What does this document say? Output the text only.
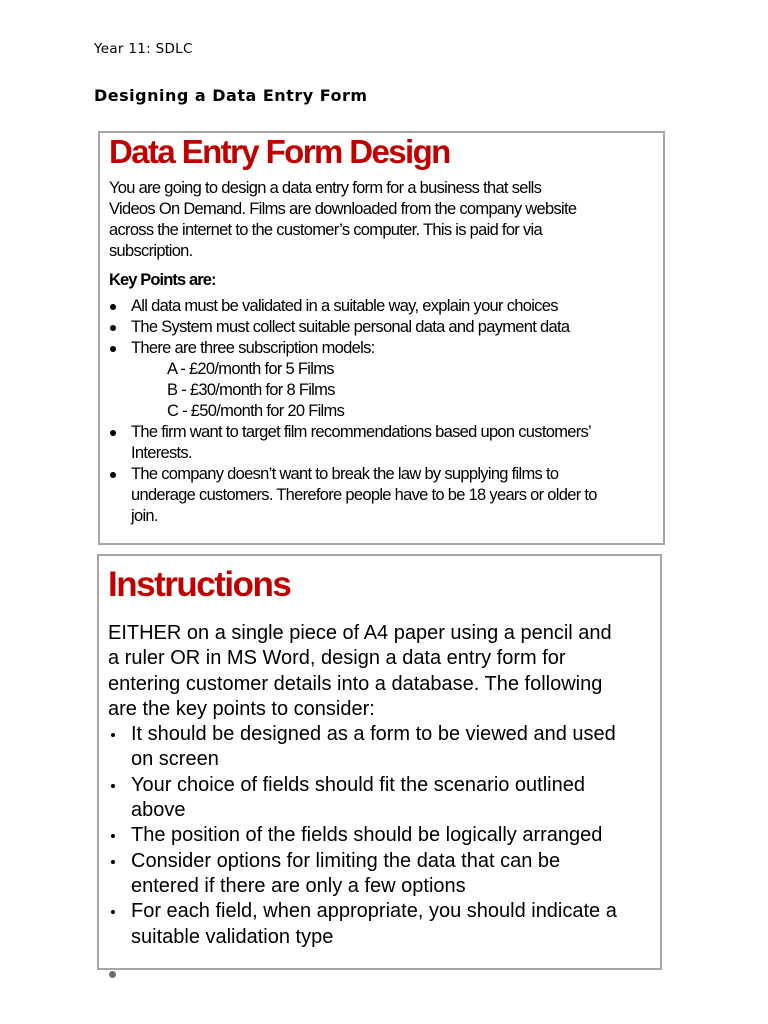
Year 11: SDLC
Designing a Data Entry Form
Data Entry Form Design

You are going to design a data entry form for a business that sells

Videos On Demand. Films are downloaded from the company website

across the internet to the customer’s computer. This is paid for via

subscription.

Key Points are:
All data must be validated in a suitable way, explain your choices
The System must collect suitable personal data and payment data
There are three subscription models:
A - £20/month for 5 Films
B - £30/month for 8 Films
C - £50/month for 20 Films
The firm want to target film recommendations based upon customers’
Interests.
The company doesn’t want to break the law by supplying films to
underage customers. Therefore people have to be 18 years or older to
join.
Instructions
EITHER on a single piece of A4 paper using a pencil and
a ruler OR in MS Word, design a data entry form for
entering customer details into a database. The following
are the key points to consider:
It should be designed as a form to be viewed and used
on screen
Your choice of fields should fit the scenario outlined
above
The position of the fields should be logically arranged
Consider options for limiting the data that can be
entered if there are only a few options
For each field, when appropriate, you should indicate a
suitable validation type
